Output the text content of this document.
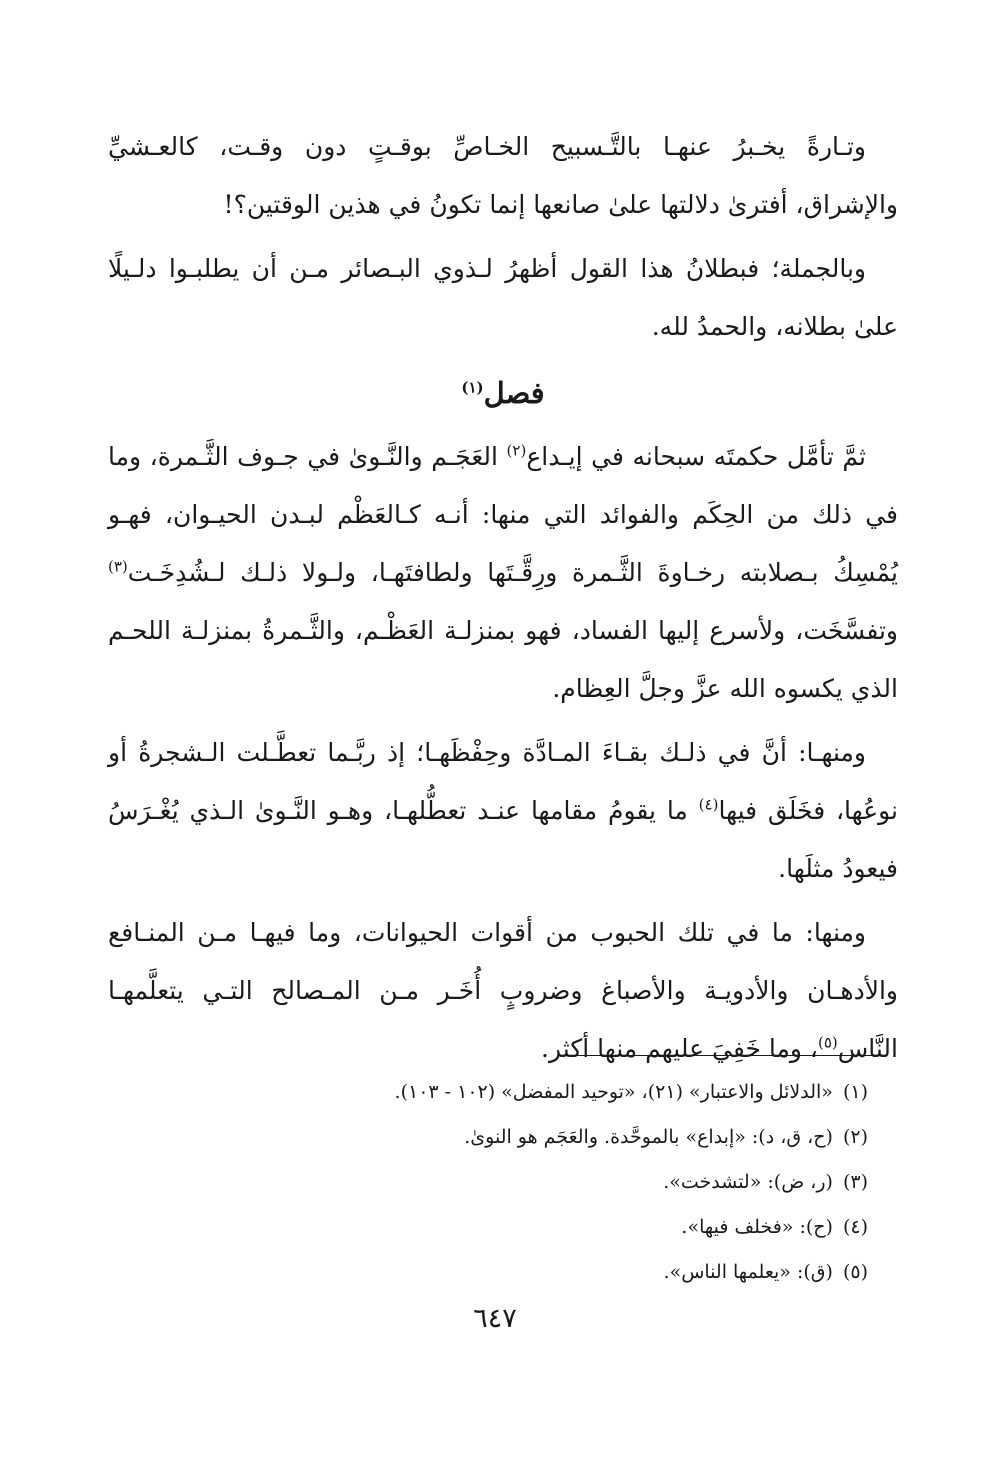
وتـارةً يخـبرُ عنهـا بالتَّـسبيح الخـاصِّ بوقـتٍ دون وقـت، كالعـشيِّ والإشراق، أفترىٰ دلالتها علىٰ صانعها إنما تكونُ في هذين الوقتين؟!

وبالجملة؛ فبطلانُ هذا القول أظهرُ لـذوي البـصائر مـن أن يطلبـوا دلـيلًا علىٰ بطلانه، والحمدُ لله.

فصل$^{(١)}$

ثمَّ تأمَّل حكمتَه سبحانه في إيـداع$^{(٢)}$ العَجَـم والنَّـوىٰ في جـوف الثَّـمرة، وما في ذلك من الحِكَم والفوائد التي منها: أنـه كـالعَظْم لبـدن الحيـوان، فهـو يُمْسِكُ بـصلابته رخـاوةَ الثَّـمرة ورِقَّـتَها ولطافتَهـا، ولـولا ذلـك لـشُدِخَـت$^{(٣)}$ وتفسَّخَت، ولأسرع إليها الفساد، فهو بمنزلـة العَظْـم، والثَّـمرةُ بمنزلـة اللحـم الذي يكسوه الله عزَّ وجلَّ العِظام.

ومنهـا: أنَّ في ذلـك بقـاءَ المـادَّة وحِفْظَهـا؛ إذ ربَّـما تعطَّـلت الـشجرةُ أو نوعُها، فخَلَق فيها$^{(٤)}$ ما يقومُ مقامها عنـد تعطُّلهـا، وهـو النَّـوىٰ الـذي يُغْـرَسُ فيعودُ مثلَها.

ومنها: ما في تلك الحبوب من أقوات الحيوانات، وما فيهـا مـن المنـافع والأدهـان والأدويـة والأصباغ وضروبٍ أُخَـر مـن المـصالح التـي يتعلَّمهـا النَّاس$^{(٥)}$، وما خَفِيَ عليهم منها أكثر.

(١)«الدلائل والاعتبار» (٢١)، «توحيد المفضل» (١٠٢ - ١٠٣).

(٢)(ح، ق، د): «إبداع» بالموحَّدة. والعَجَم هو النوىٰ.

(٣)(ر، ض): «لتشدخت».

(٤)(ح): «فخلف فيها».

(٥)(ق): «يعلمها الناس».

٦٤٧
